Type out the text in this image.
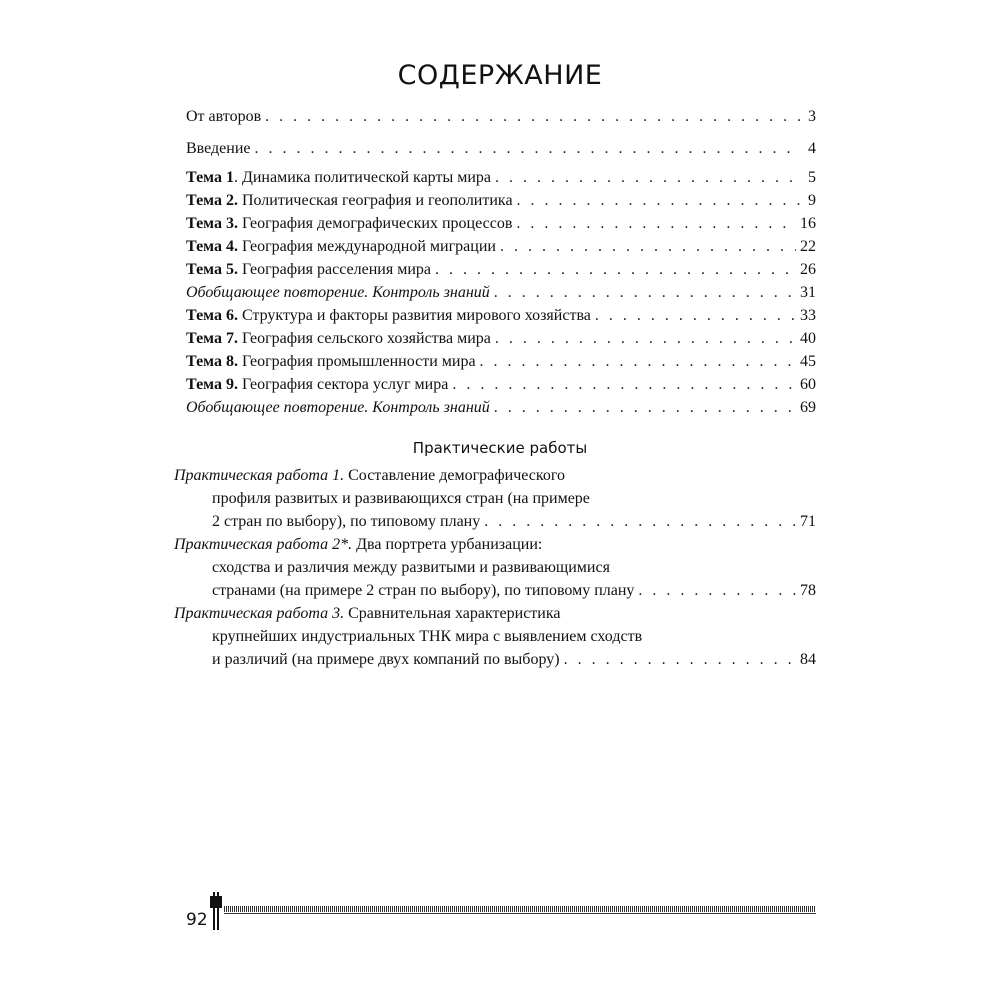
СОДЕРЖАНИЕ
От авторов . . .	3
Введение . . .	4
Тема 1. Динамика политической карты мира . . .	5
Тема 2. Политическая география и геополитика . . .	9
Тема 3. География демографических процессов . . .	16
Тема 4. География международной миграции . . .	22
Тема 5. География расселения мира . . .	26
Обобщающее повторение. Контроль знаний . . .	31
Тема 6. Структура и факторы развития мирового хозяйства . . .	33
Тема 7. География сельского хозяйства мира . . .	40
Тема 8. География промышленности мира . . .	45
Тема 9. География сектора услуг мира . . .	60
Обобщающее повторение. Контроль знаний . . .	69
Практические работы
Практическая работа 1. Составление демографического
профиля развитых и развивающихся стран (на примере
2 стран по выбору), по типовому плану . . .	71
Практическая работа 2*. Два портрета урбанизации:
сходства и различия между развитыми и развивающимися
странами (на примере 2 стран по выбору), по типовому плану . . .	78
Практическая работа 3. Сравнительная характеристика
крупнейших индустриальных ТНК мира с выявлением сходств
и различий (на примере двух компаний по выбору) . . .	84
92
